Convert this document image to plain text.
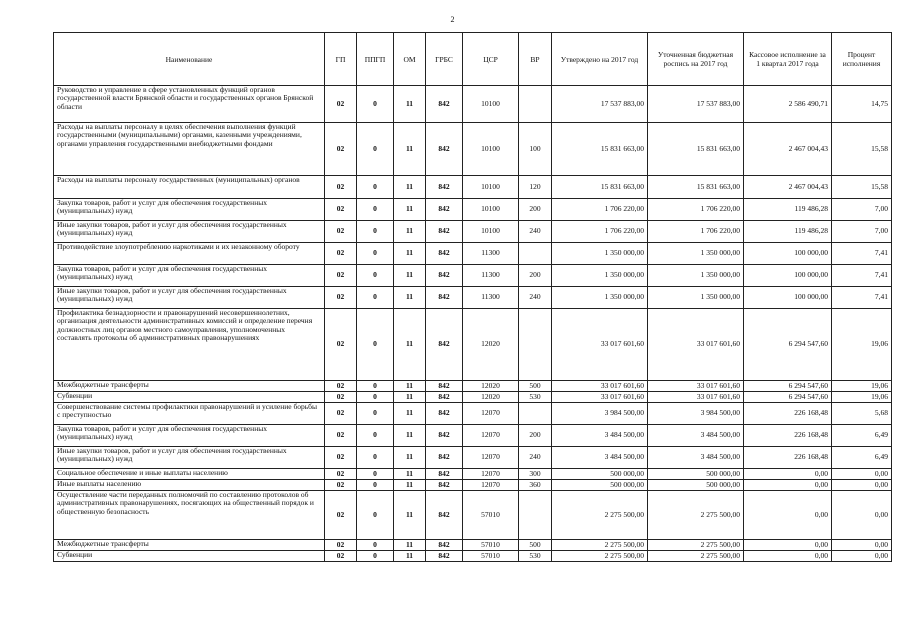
2
Наименование	ГП	ППГП	ОМ	ГРБС	ЦСР	ВР	Утверждено на 2017 год	Уточненная бюджетная роспись на 2017 год	Кассовое исполнение за 1 квартал 2017 года	Процент исполнения
Руководство и управление в сфере установленных функций органов государственной власти Брянской области и государственных органов Брянской области	02	0	11	842	10100		17 537 883,00	17 537 883,00	2 586 490,71	14,75
Расходы на выплаты персоналу в целях обеспечения выполнения функций государственными (муниципальными) органами, казенными учреждениями, органами управления государственными внебюджетными фондами	02	0	11	842	10100	100	15 831 663,00	15 831 663,00	2 467 004,43	15,58
Расходы на выплаты персоналу государственных (муниципальных) органов	02	0	11	842	10100	120	15 831 663,00	15 831 663,00	2 467 004,43	15,58
Закупка товаров, работ и услуг для обеспечения государственных (муниципальных) нужд	02	0	11	842	10100	200	1 706 220,00	1 706 220,00	119 486,28	7,00
Иные закупки товаров, работ и услуг для обеспечения государственных (муниципальных) нужд	02	0	11	842	10100	240	1 706 220,00	1 706 220,00	119 486,28	7,00
Противодействие злоупотреблению наркотиками и их незаконному обороту	02	0	11	842	11300		1 350 000,00	1 350 000,00	100 000,00	7,41
Закупка товаров, работ и услуг для обеспечения государственных (муниципальных) нужд	02	0	11	842	11300	200	1 350 000,00	1 350 000,00	100 000,00	7,41
Иные закупки товаров, работ и услуг для обеспечения государственных (муниципальных) нужд	02	0	11	842	11300	240	1 350 000,00	1 350 000,00	100 000,00	7,41
Профилактика безнадзорности и правонарушений несовершеннолетних, организация деятельности административных комиссий и определение перечня должностных лиц органов местного самоуправления, уполномоченных составлять протоколы об административных правонарушениях	02	0	11	842	12020		33 017 601,60	33 017 601,60	6 294 547,60	19,06
Межбюджетные трансферты	02	0	11	842	12020	500	33 017 601,60	33 017 601,60	6 294 547,60	19,06
Субвенции	02	0	11	842	12020	530	33 017 601,60	33 017 601,60	6 294 547,60	19,06
Совершенствование системы профилактики правонарушений и усиление борьбы с преступностью	02	0	11	842	12070		3 984 500,00	3 984 500,00	226 168,48	5,68
Закупка товаров, работ и услуг для обеспечения государственных (муниципальных) нужд	02	0	11	842	12070	200	3 484 500,00	3 484 500,00	226 168,48	6,49
Иные закупки товаров, работ и услуг для обеспечения государственных (муниципальных) нужд	02	0	11	842	12070	240	3 484 500,00	3 484 500,00	226 168,48	6,49
Социальное обеспечение и иные выплаты населению	02	0	11	842	12070	300	500 000,00	500 000,00	0,00	0,00
Иные выплаты населению	02	0	11	842	12070	360	500 000,00	500 000,00	0,00	0,00
Осуществление части переданных полномочий по составлению протоколов об административных правонарушениях, посягающих на общественный порядок и общественную безопасность	02	0	11	842	57010		2 275 500,00	2 275 500,00	0,00	0,00
Межбюджетные трансферты	02	0	11	842	57010	500	2 275 500,00	2 275 500,00	0,00	0,00
Субвенции	02	0	11	842	57010	530	2 275 500,00	2 275 500,00	0,00	0,00
